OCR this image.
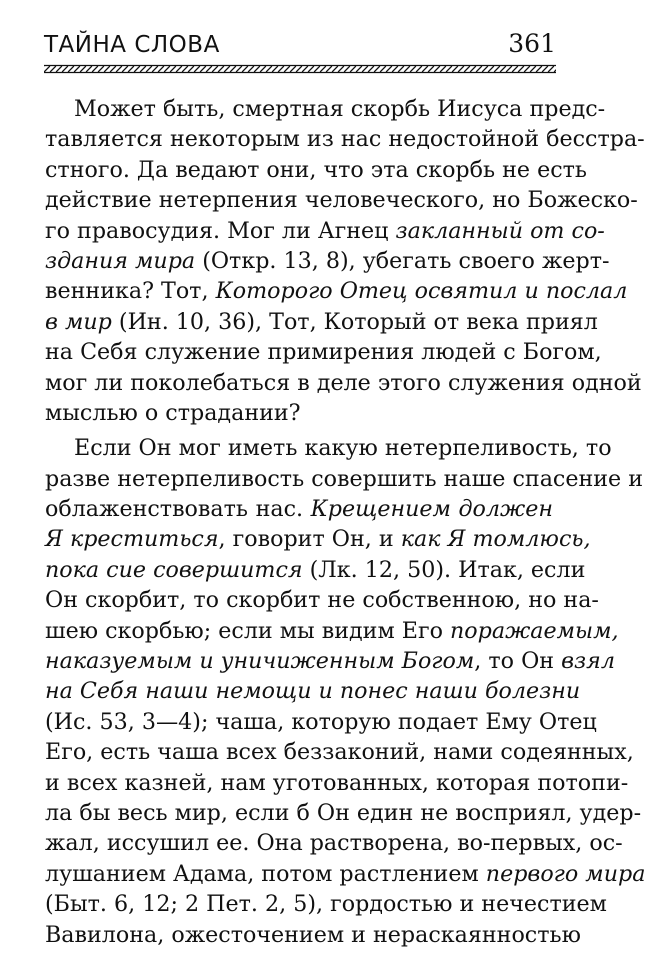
ТАЙНА СЛОВА	361
Может быть, смертная скорбь Иисуса предс-
тавляется некоторым из нас недостойной бесстра-
стного. Да ведают они, что эта скорбь не есть
действие нетерпения человеческого, но Божеско-
го правосудия. Мог ли Агнец закланный от со-
здания мира (Откр. 13, 8), убегать своего жерт-
венника? Тот, Которого Отец освятил и послал
в мир (Ин. 10, 36), Тот, Который от века приял
на Себя служение примирения людей с Богом,
мог ли поколебаться в деле этого служения одной
мыслью о страдании?
Если Он мог иметь какую нетерпеливость, то
разве нетерпеливость совершить наше спасение и
облаженствовать нас. Крещением должен
Я креститься, говорит Он, и как Я томлюсь,
пока сие совершится (Лк. 12, 50). Итак, если
Он скорбит, то скорбит не собственною, но на-
шею скорбью; если мы видим Его поражаемым,
наказуемым и уничиженным Богом, то Он взял
на Себя наши немощи и понес наши болезни
(Ис. 53, 3—4); чаша, которую подает Ему Отец
Его, есть чаша всех беззаконий, нами содеянных,
и всех казней, нам уготованных, которая потопи-
ла бы весь мир, если б Он един не восприял, удер-
жал, иссушил ее. Она растворена, во-первых, ос-
лушанием Адама, потом растлением первого мира
(Быт. 6, 12; 2 Пет. 2, 5), гордостью и нечестием
Вавилона, ожесточением и нераскаянностью
